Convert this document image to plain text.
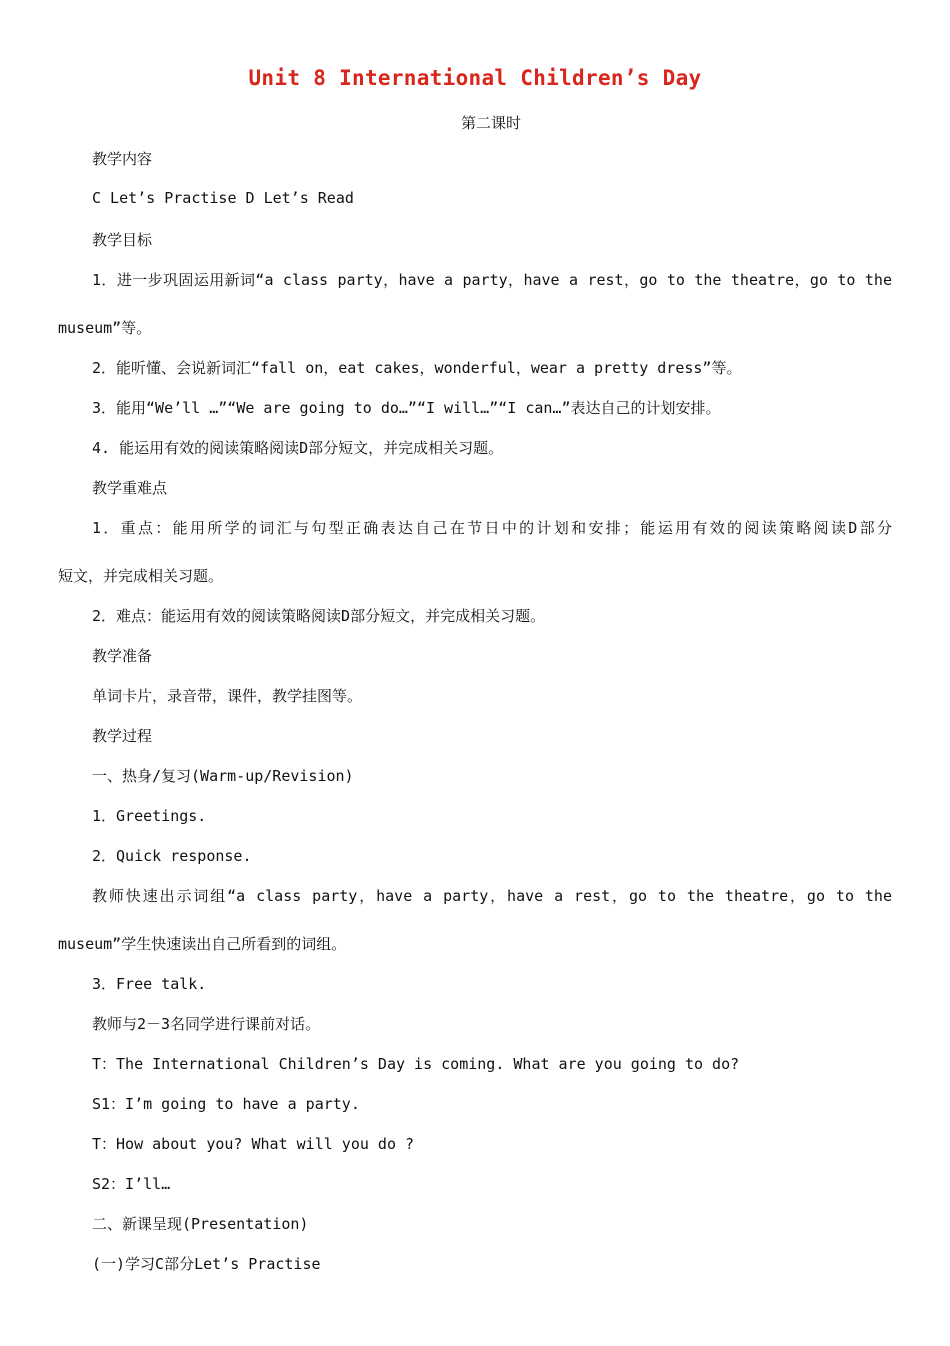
Unit 8 International Children’s Day
第二课时
教学内容
C Let’s Practise D Let’s Read
教学目标
1．进一步巩固运用新词“a class party，have a party，have a rest，go to the theatre，go to the
museum”等。
2．能听懂、会说新词汇“fall on，eat cakes，wonderful，wear a pretty dress”等。
3．能用“We’ll …”“We are going to do…”“I will…”“I can…”表达自己的计划安排。
4. 能运用有效的阅读策略阅读D部分短文，并完成相关习题。
教学重难点
1．重点：能用所学的词汇与句型正确表达自己在节日中的计划和安排；能运用有效的阅读策略阅读D部分
短文，并完成相关习题。
2．难点：能运用有效的阅读策略阅读D部分短文，并完成相关习题。
教学准备
单词卡片，录音带，课件，教学挂图等。
教学过程
一、热身/复习(Warm-up/Revision)
1．Greetings.
2．Quick response.
教师快速出示词组“a class party，have a party，have a rest，go to the theatre，go to the
museum”学生快速读出自己所看到的词组。
3．Free talk.
教师与2－3名同学进行课前对话。
T：The International Children’s Day is coming. What are you going to do?
S1：I’m going to have a party.
T：How about you? What will you do ?
S2：I’ll…
二、新课呈现(Presentation)
(一)学习C部分Let’s Practise
